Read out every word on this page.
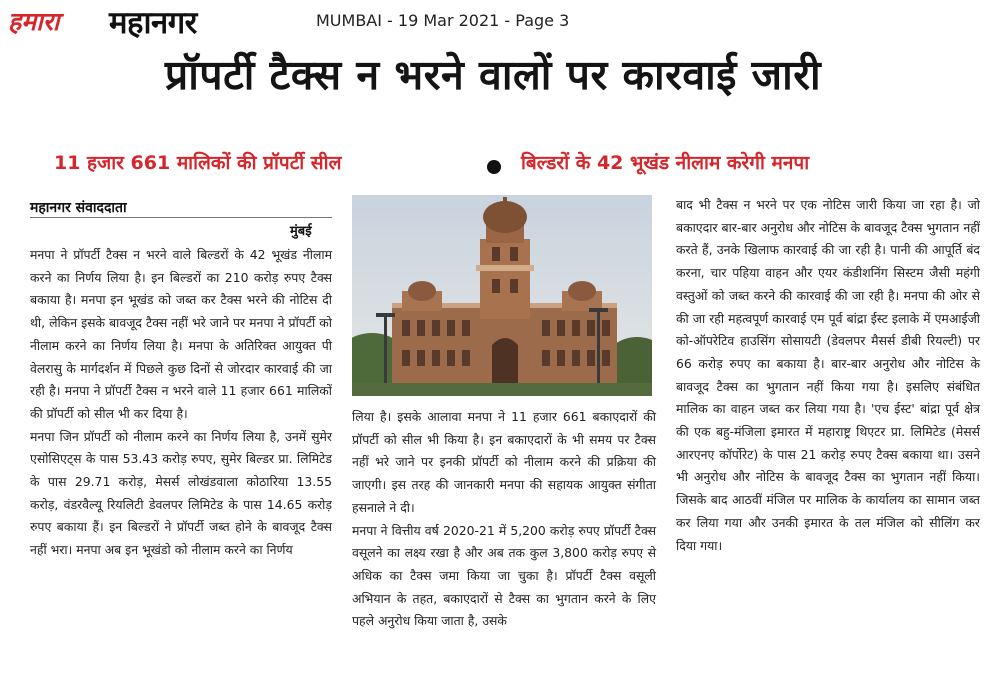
हमारा महानगर	MUMBAI - 19 Mar 2021 - Page 3
प्रॉपर्टी टैक्स न भरने वालों पर कारवाई जारी
11 हजार 661 मालिकों की प्रॉपर्टी सील	बिल्डरों के 42 भूखंड नीलाम करेगी मनपा
महानगर संवाददाता
मुंबई

मनपा ने प्रॉपर्टी टैक्स न भरने वाले बिल्डरों के 42 भूखंड नीलाम करने का निर्णय लिया है। इन बिल्डरों का 210 करोड़ रुपए टैक्स बकाया है। मनपा इन भूखंड को जब्त कर टैक्स भरने की नोटिस दी थी, लेकिन इसके बावजूद टैक्स नहीं भरे जाने पर मनपा ने प्रॉपर्टी को नीलाम करने का निर्णय लिया है। मनपा के अतिरिक्त आयुक्त पी वेलरासु के मार्गदर्शन में पिछले कुछ दिनों से जोरदार कारवाई की जा रही है। मनपा ने प्रॉपर्टी टैक्स न भरने वाले 11 हजार 661 मालिकों की प्रॉपर्टी को सील भी कर दिया है।

मनपा जिन प्रॉपर्टी को नीलाम करने का निर्णय लिया है, उनमें सुमेर एसोसिएट्स के पास 53.43 करोड़ रुपए, सुमेर बिल्डर प्रा. लिमिटेड के पास 29.71 करोड़, मेसर्स लोखंडवाला कोठारिया 13.55 करोड़, वंडरवैल्यू रियलिटी डेवलपर लिमिटेड के पास 14.65 करोड़ रुपए बकाया हैं। इन बिल्डरों ने प्रॉपर्टी जब्त होने के बावजूद टैक्स नहीं भरा। मनपा अब इन भूखंडो को नीलाम करने का निर्णय

लिया है। इसके आलावा मनपा ने 11 हजार 661 बकाएदारों की प्रॉपर्टी को सील भी किया है। इन बकाएदारों के भी समय पर टैक्स नहीं भरे जाने पर इनकी प्रॉपर्टी को नीलाम करने की प्रक्रिया की जाएगी। इस तरह की जानकारी मनपा की सहायक आयुक्त संगीता हसनाले ने दी।

मनपा ने वित्तीय वर्ष 2020-21 में 5,200 करोड़ रुपए प्रॉपर्टी टैक्स वसूलने का लक्ष्य रखा है और अब तक कुल 3,800 करोड़ रुपए से अधिक का टैक्स जमा किया जा चुका है। प्रॉपर्टी टैक्स वसूली अभियान के तहत, बकाएदारों से टैक्स का भुगतान करने के लिए पहले अनुरोध किया जाता है, उसके

बाद भी टैक्स न भरने पर एक नोटिस जारी किया जा रहा है। जो बकाएदार बार-बार अनुरोध और नोटिस के बावजूद टैक्स भुगतान नहीं करते हैं, उनके खिलाफ कारवाई की जा रही है। पानी की आपूर्ति बंद करना, चार पहिया वाहन और एयर कंडीशनिंग सिस्टम जैसी महंगी वस्तुओं को जब्त करने की कारवाई की जा रही है। मनपा की ओर से की जा रही महत्वपूर्ण कारवाई एम पूर्व बांद्रा ईस्ट इलाके में एमआईजी को-ऑपरेटिव हाउसिंग सोसायटी (डेवलपर मैसर्स डीबी रियल्टी) पर 66 करोड़ रुपए का बकाया है। बार-बार अनुरोध और नोटिस के बावजूद टैक्स का भुगतान नहीं किया गया है। इसलिए संबंधित मालिक का वाहन जब्त कर लिया गया है। 'एच ईस्ट' बांद्रा पूर्व क्षेत्र की एक बहु-मंजिला इमारत में महाराष्ट्र थिएटर प्रा. लिमिटेड (मेसर्स आरएनए कॉर्पोरेट) के पास 21 करोड़ रुपए टैक्स बकाया था। उसने भी अनुरोध और नोटिस के बावजूद टैक्स का भुगतान नहीं किया। जिसके बाद आठवीं मंजिल पर मालिक के कार्यालय का सामान जब्त कर लिया गया और उनकी इमारत के तल मंजिल को सीलिंग कर दिया गया।
